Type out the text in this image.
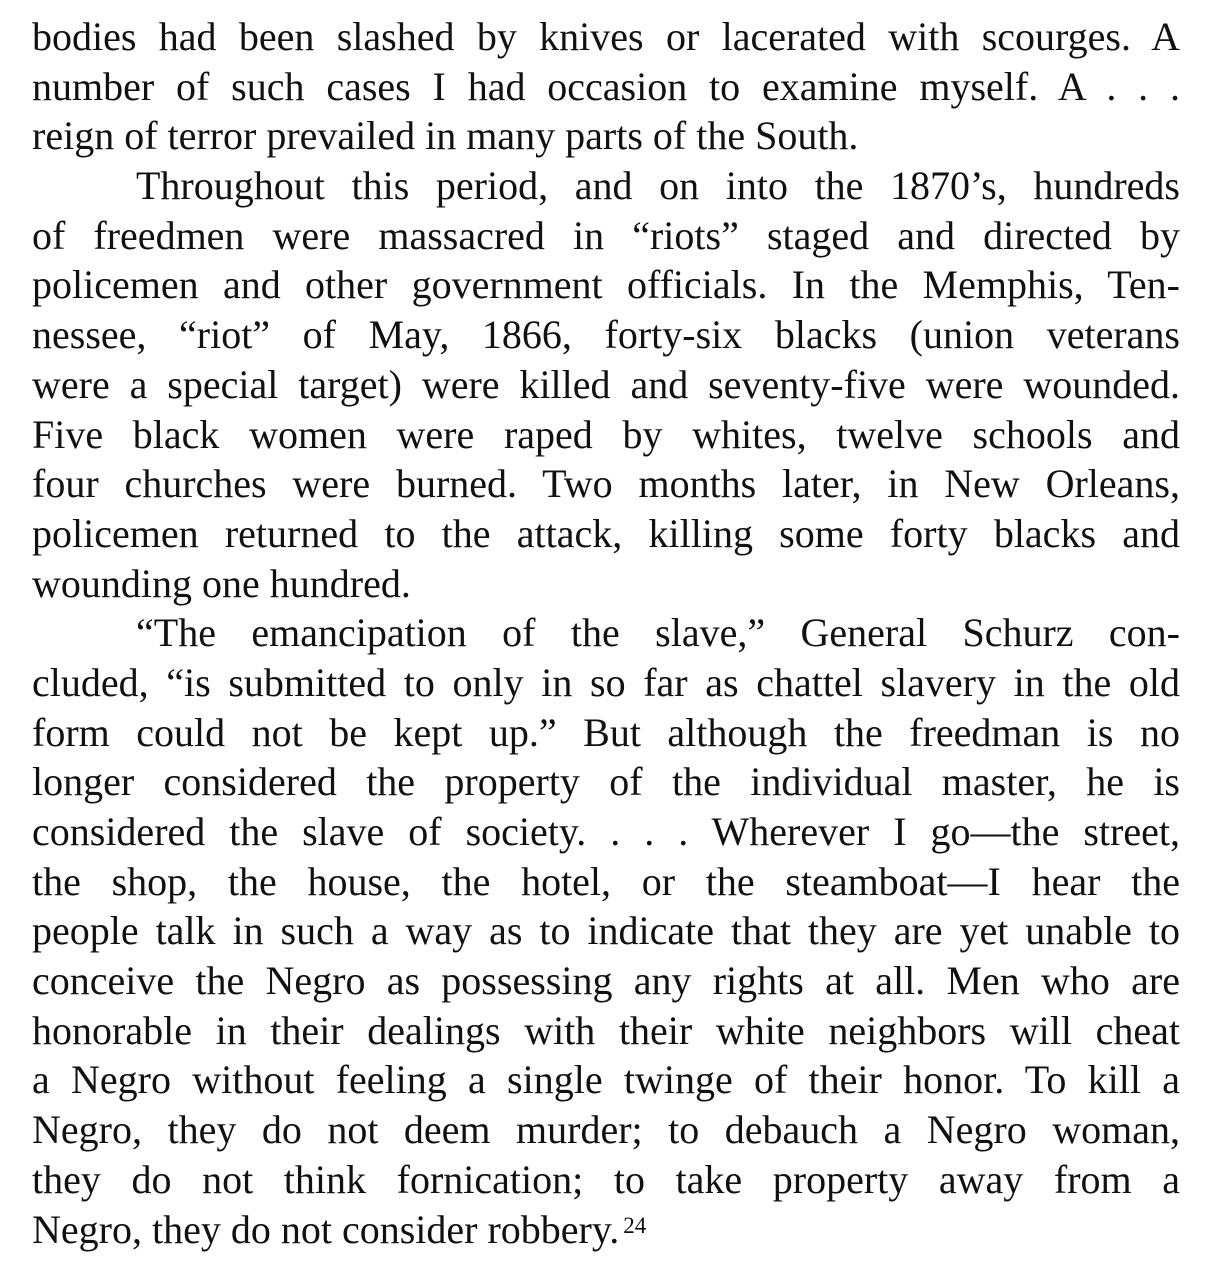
bodies had been slashed by knives or lacerated with scourges. A
number of such cases I had occasion to examine myself. A . . .
reign of terror prevailed in many parts of the South.
Throughout this period, and on into the 1870’s, hundreds
of freedmen were massacred in “riots” staged and directed by
policemen and other government officials. In the Memphis, Ten-
nessee, “riot” of May, 1866, forty-six blacks (union veterans
were a special target) were killed and seventy-five were wounded.
Five black women were raped by whites, twelve schools and
four churches were burned. Two months later, in New Orleans,
policemen returned to the attack, killing some forty blacks and
wounding one hundred.
“The emancipation of the slave,” General Schurz con-
cluded, “is submitted to only in so far as chattel slavery in the old
form could not be kept up.” But although the freedman is no
longer considered the property of the individual master, he is
considered the slave of society. . . . Wherever I go—the street,
the shop, the house, the hotel, or the steamboat—I hear the
people talk in such a way as to indicate that they are yet unable to
conceive the Negro as possessing any rights at all. Men who are
honorable in their dealings with their white neighbors will cheat
a Negro without feeling a single twinge of their honor. To kill a
Negro, they do not deem murder; to debauch a Negro woman,
they do not think fornication; to take property away from a
Negro, they do not consider robbery. $^{24}$
